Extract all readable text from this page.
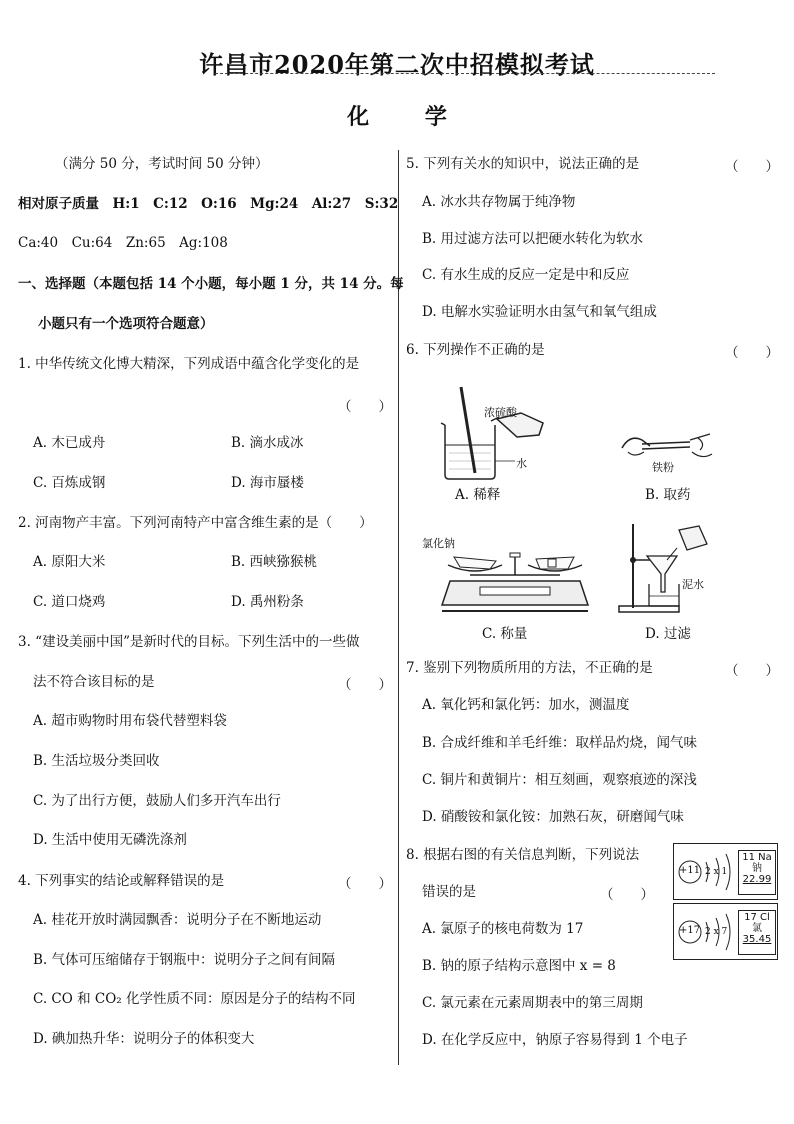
许昌市2020年第二次中招模拟考试
化 学
（满分 50 分，考试时间 50 分钟）
相对原子质量　H:1　C:12　O:16　Mg:24　Al:27　S:32
Ca:40　Cu:64　Zn:65　Ag:108
一、选择题（本题包括 14 个小题，每小题 1 分，共 14 分。每
小题只有一个选项符合题意）
1. 中华传统文化博大精深，下列成语中蕴含化学变化的是
（　　）
A. 木已成舟	B. 滴水成冰
C. 百炼成钢	D. 海市蜃楼
2. 河南物产丰富。下列河南特产中富含维生素的是（　　）
A. 原阳大米	B. 西峡猕猴桃
C. 道口烧鸡	D. 禹州粉条
3. “建设美丽中国”是新时代的目标。下列生活中的一些做
法不符合该目标的是	（　　）
A. 超市购物时用布袋代替塑料袋
B. 生活垃圾分类回收
C. 为了出行方便，鼓励人们多开汽车出行
D. 生活中使用无磷洗涤剂
4. 下列事实的结论或解释错误的是	（　　）
A. 桂花开放时满园飘香：说明分子在不断地运动
B. 气体可压缩储存于钢瓶中：说明分子之间有间隔
C. CO 和 CO₂ 化学性质不同：原因是分子的结构不同
D. 碘加热升华：说明分子的体积变大
5. 下列有关水的知识中，说法正确的是	（　　）
A. 冰水共存物属于纯净物
B. 用过滤方法可以把硬水转化为软水
C. 有水生成的反应一定是中和反应
D. 电解水实验证明水由氢气和氧气组成
6. 下列操作不正确的是	（　　）
浓硫酸
水
A. 稀释
铁粉
B. 取药
氯化钠
C. 称量
泥水
D. 过滤
7. 鉴别下列物质所用的方法，不正确的是	（　　）
A. 氧化钙和氯化钙：加水，测温度
B. 合成纤维和羊毛纤维：取样品灼烧，闻气味
C. 铜片和黄铜片：相互刻画，观察痕迹的深浅
D. 硝酸铵和氯化铵：加熟石灰，研磨闻气味
8. 根据右图的有关信息判断，下列说法
错误的是	（　　）
A. 氯原子的核电荷数为 17
B. 钠的原子结构示意图中 x = 8
C. 氯元素在元素周期表中的第三周期
D. 在化学反应中，钠原子容易得到 1 个电子
+11 2 x 1
11 Na
钠
22.99
+17 2 x 7
17 Cl
氯
35.45
